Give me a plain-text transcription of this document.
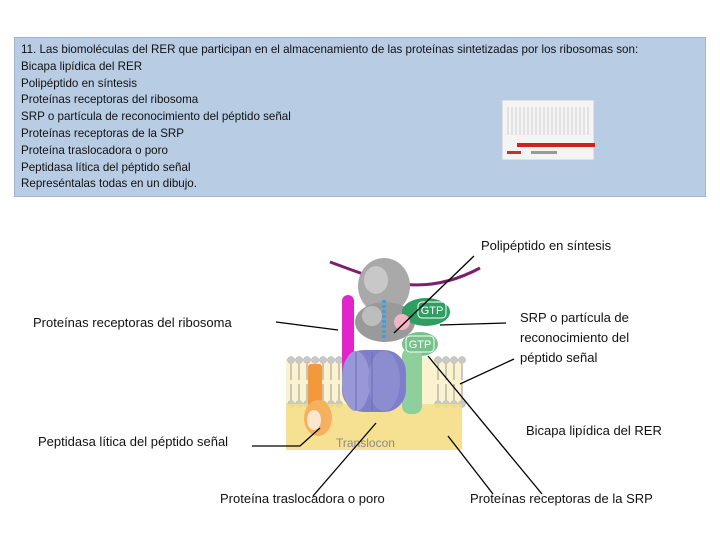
11. Las biomoléculas del RER que participan en el almacenamiento de las proteínas sintetizadas por los ribosomas son:
Bicapa lipídica del RER
Polipéptido en síntesis
Proteínas receptoras del ribosoma
SRP o partícula de reconocimiento del péptido señal
Proteínas receptoras de la SRP
Proteína traslocadora o poro
Peptidasa lítica del péptido señal
Represéntalas todas en un dibujo.
GTP
GTP
Translocon
Polipéptido en síntesis
Proteínas receptoras del ribosoma	SRP o partícula de
reconocimiento del
péptido señal
Peptidasa lítica del péptido señal
Bicapa lipídica del RER
Proteína traslocadora o poro	Proteínas receptoras de la SRP
